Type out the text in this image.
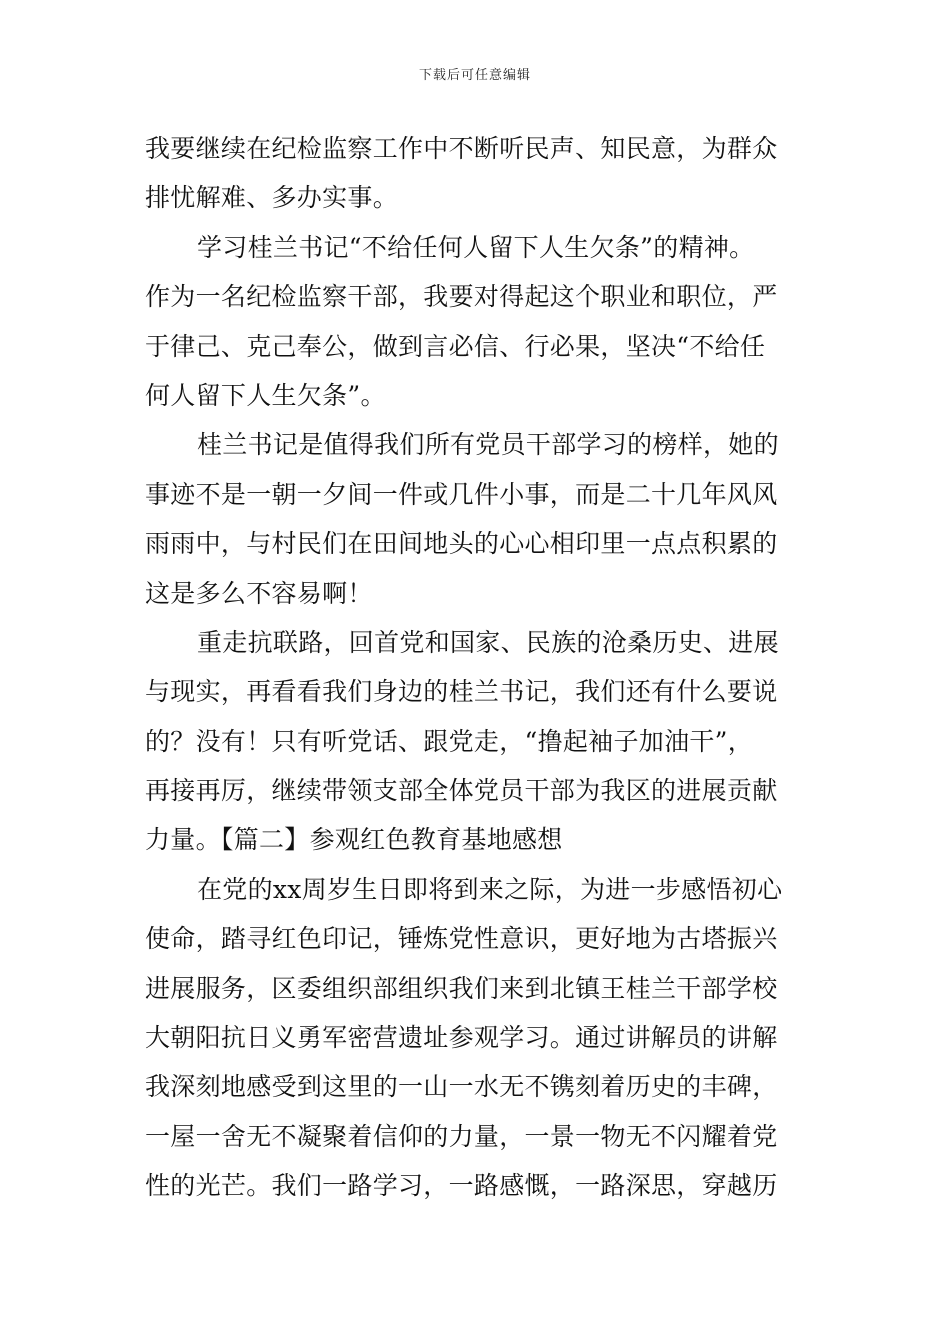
下载后可任意编辑
我要继续在纪检监察工作中不断听民声、知民意，为群众
排忧解难、多办实事。
学习桂兰书记“不给任何人留下人生欠条”的精神。
作为一名纪检监察干部，我要对得起这个职业和职位，严
于律己、克己奉公，做到言必信、行必果，坚决“不给任
何人留下人生欠条”。
桂兰书记是值得我们所有党员干部学习的榜样，她的
事迹不是一朝一夕间一件或几件小事，而是二十几年风风
雨雨中，与村民们在田间地头的心心相印里一点点积累的
这是多么不容易啊！
重走抗联路，回首党和国家、民族的沧桑历史、进展
与现实，再看看我们身边的桂兰书记，我们还有什么要说
的？没有！只有听党话、跟党走，“撸起袖子加油干”，
再接再厉，继续带领支部全体党员干部为我区的进展贡献
力量。【篇二】参观红色教育基地感想
在党的xx周岁生日即将到来之际，为进一步感悟初心
使命，踏寻红色印记，锤炼党性意识，更好地为古塔振兴
进展服务，区委组织部组织我们来到北镇王桂兰干部学校
大朝阳抗日义勇军密营遗址参观学习。通过讲解员的讲解
我深刻地感受到这里的一山一水无不镌刻着历史的丰碑，
一屋一舍无不凝聚着信仰的力量，一景一物无不闪耀着党
性的光芒。我们一路学习，一路感慨，一路深思，穿越历
